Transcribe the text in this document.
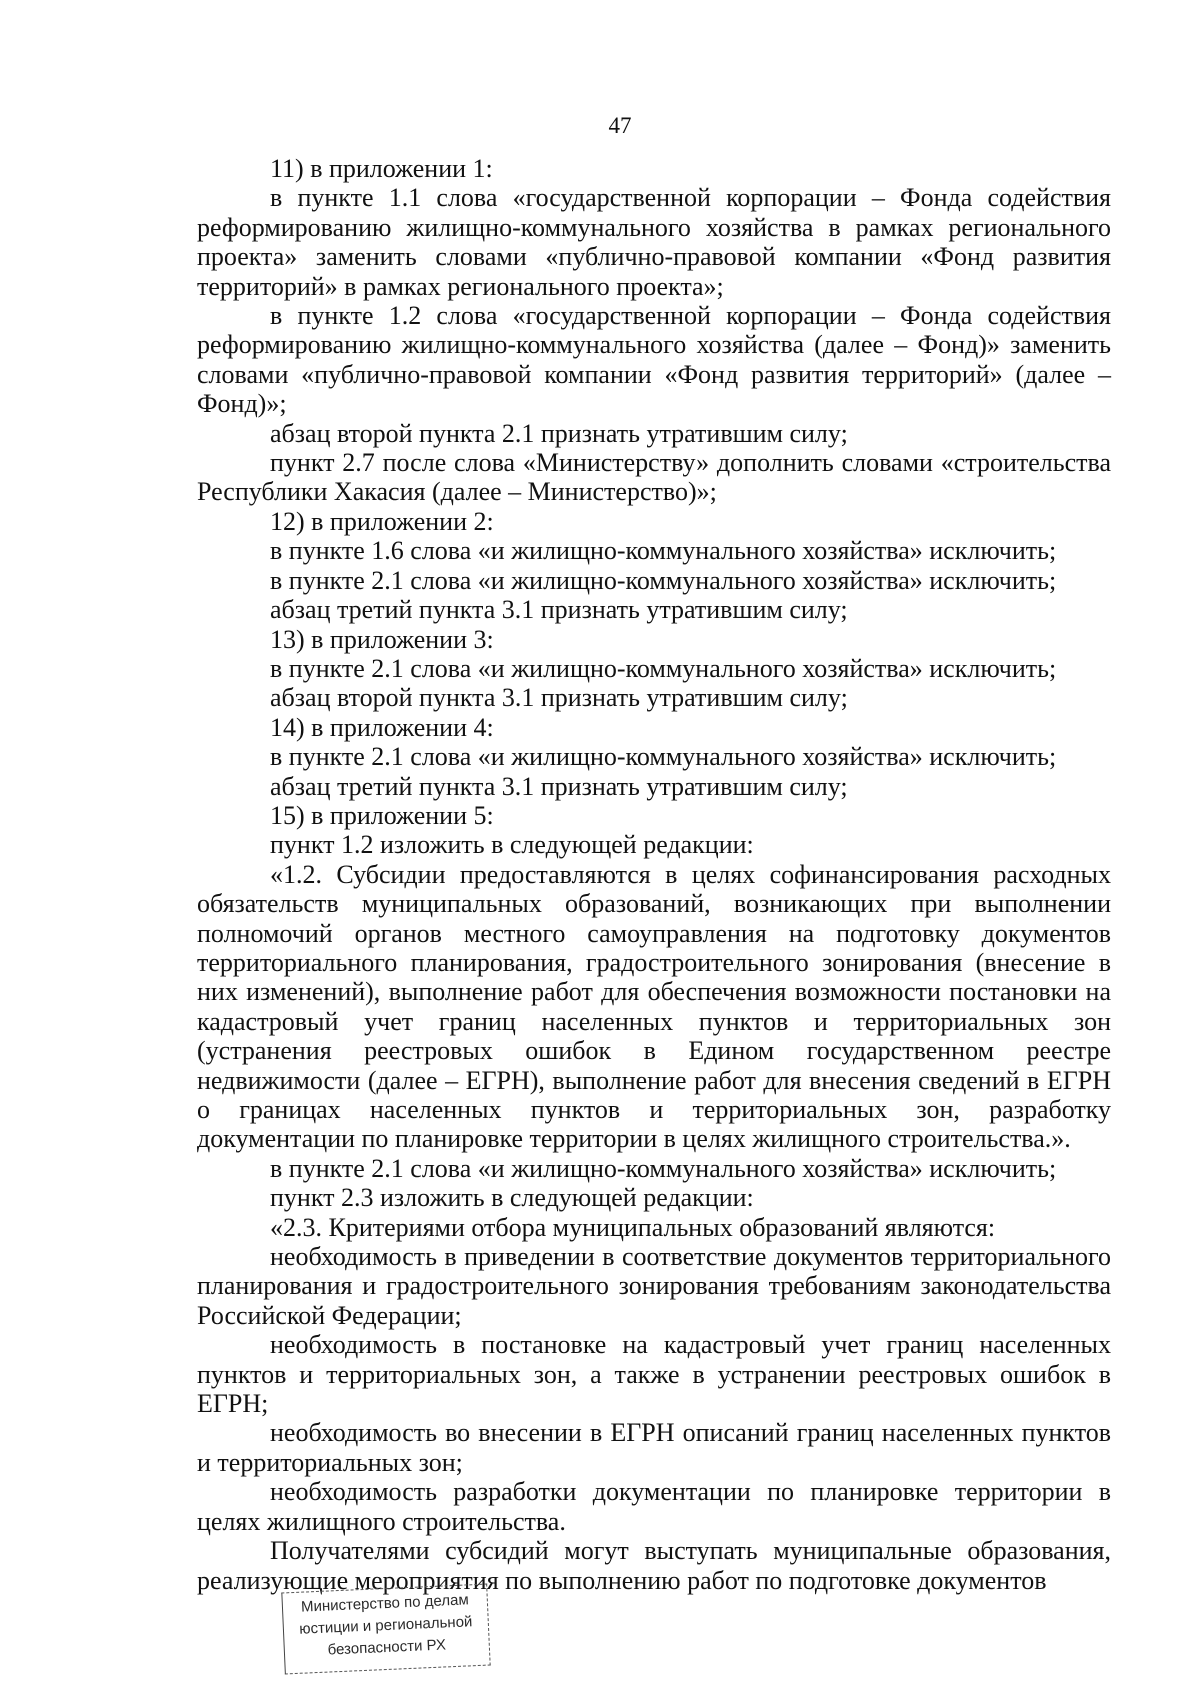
47

11) в приложении 1:

в пункте 1.1 слова «государственной корпорации – Фонда содействия реформированию жилищно-коммунального хозяйства в рамках регионального проекта» заменить словами «публично-правовой компании «Фонд развития территорий» в рамках регионального проекта»;

в пункте 1.2 слова «государственной корпорации – Фонда содействия реформированию жилищно-коммунального хозяйства (далее – Фонд)» заменить словами «публично-правовой компании «Фонд развития территорий» (далее – Фонд)»;

абзац второй пункта 2.1 признать утратившим силу;

пункт 2.7 после слова «Министерству» дополнить словами «строительства Республики Хакасия (далее – Министерство)»;

12) в приложении 2:

в пункте 1.6 слова «и жилищно-коммунального хозяйства» исключить;

в пункте 2.1 слова «и жилищно-коммунального хозяйства» исключить;

абзац третий пункта 3.1 признать утратившим силу;

13) в приложении 3:

в пункте 2.1 слова «и жилищно-коммунального хозяйства» исключить;

абзац второй пункта 3.1 признать утратившим силу;

14) в приложении 4:

в пункте 2.1 слова «и жилищно-коммунального хозяйства» исключить;

абзац третий пункта 3.1 признать утратившим силу;

15) в приложении 5:

пункт 1.2 изложить в следующей редакции:

«1.2. Субсидии предоставляются в целях софинансирования расходных обязательств муниципальных образований, возникающих при выполнении полномочий органов местного самоуправления на подготовку документов территориального планирования, градостроительного зонирования (внесение в них изменений), выполнение работ для обеспечения возможности постановки на кадастровый учет границ населенных пунктов и территориальных зон (устранения реестровых ошибок в Едином государственном реестре недвижимости (далее – ЕГРН), выполнение работ для внесения сведений в ЕГРН о границах населенных пунктов и территориальных зон, разработку документации по планировке территории в целях жилищного строительства.».

в пункте 2.1 слова «и жилищно-коммунального хозяйства» исключить;

пункт 2.3 изложить в следующей редакции:

«2.3. Критериями отбора муниципальных образований являются:

необходимость в приведении в соответствие документов территориального планирования и градостроительного зонирования требованиям законодательства Российской Федерации;

необходимость в постановке на кадастровый учет границ населенных пунктов и территориальных зон, а также в устранении реестровых ошибок в ЕГРН;

необходимость во внесении в ЕГРН описаний границ населенных пунктов и территориальных зон;

необходимость разработки документации по планировке территории в целях жилищного строительства.

Получателями субсидий могут выступать муниципальные образования, реализующие мероприятия по выполнению работ по подготовке документов

Министерство по делам
юстиции и региональной
безопасности РХ
